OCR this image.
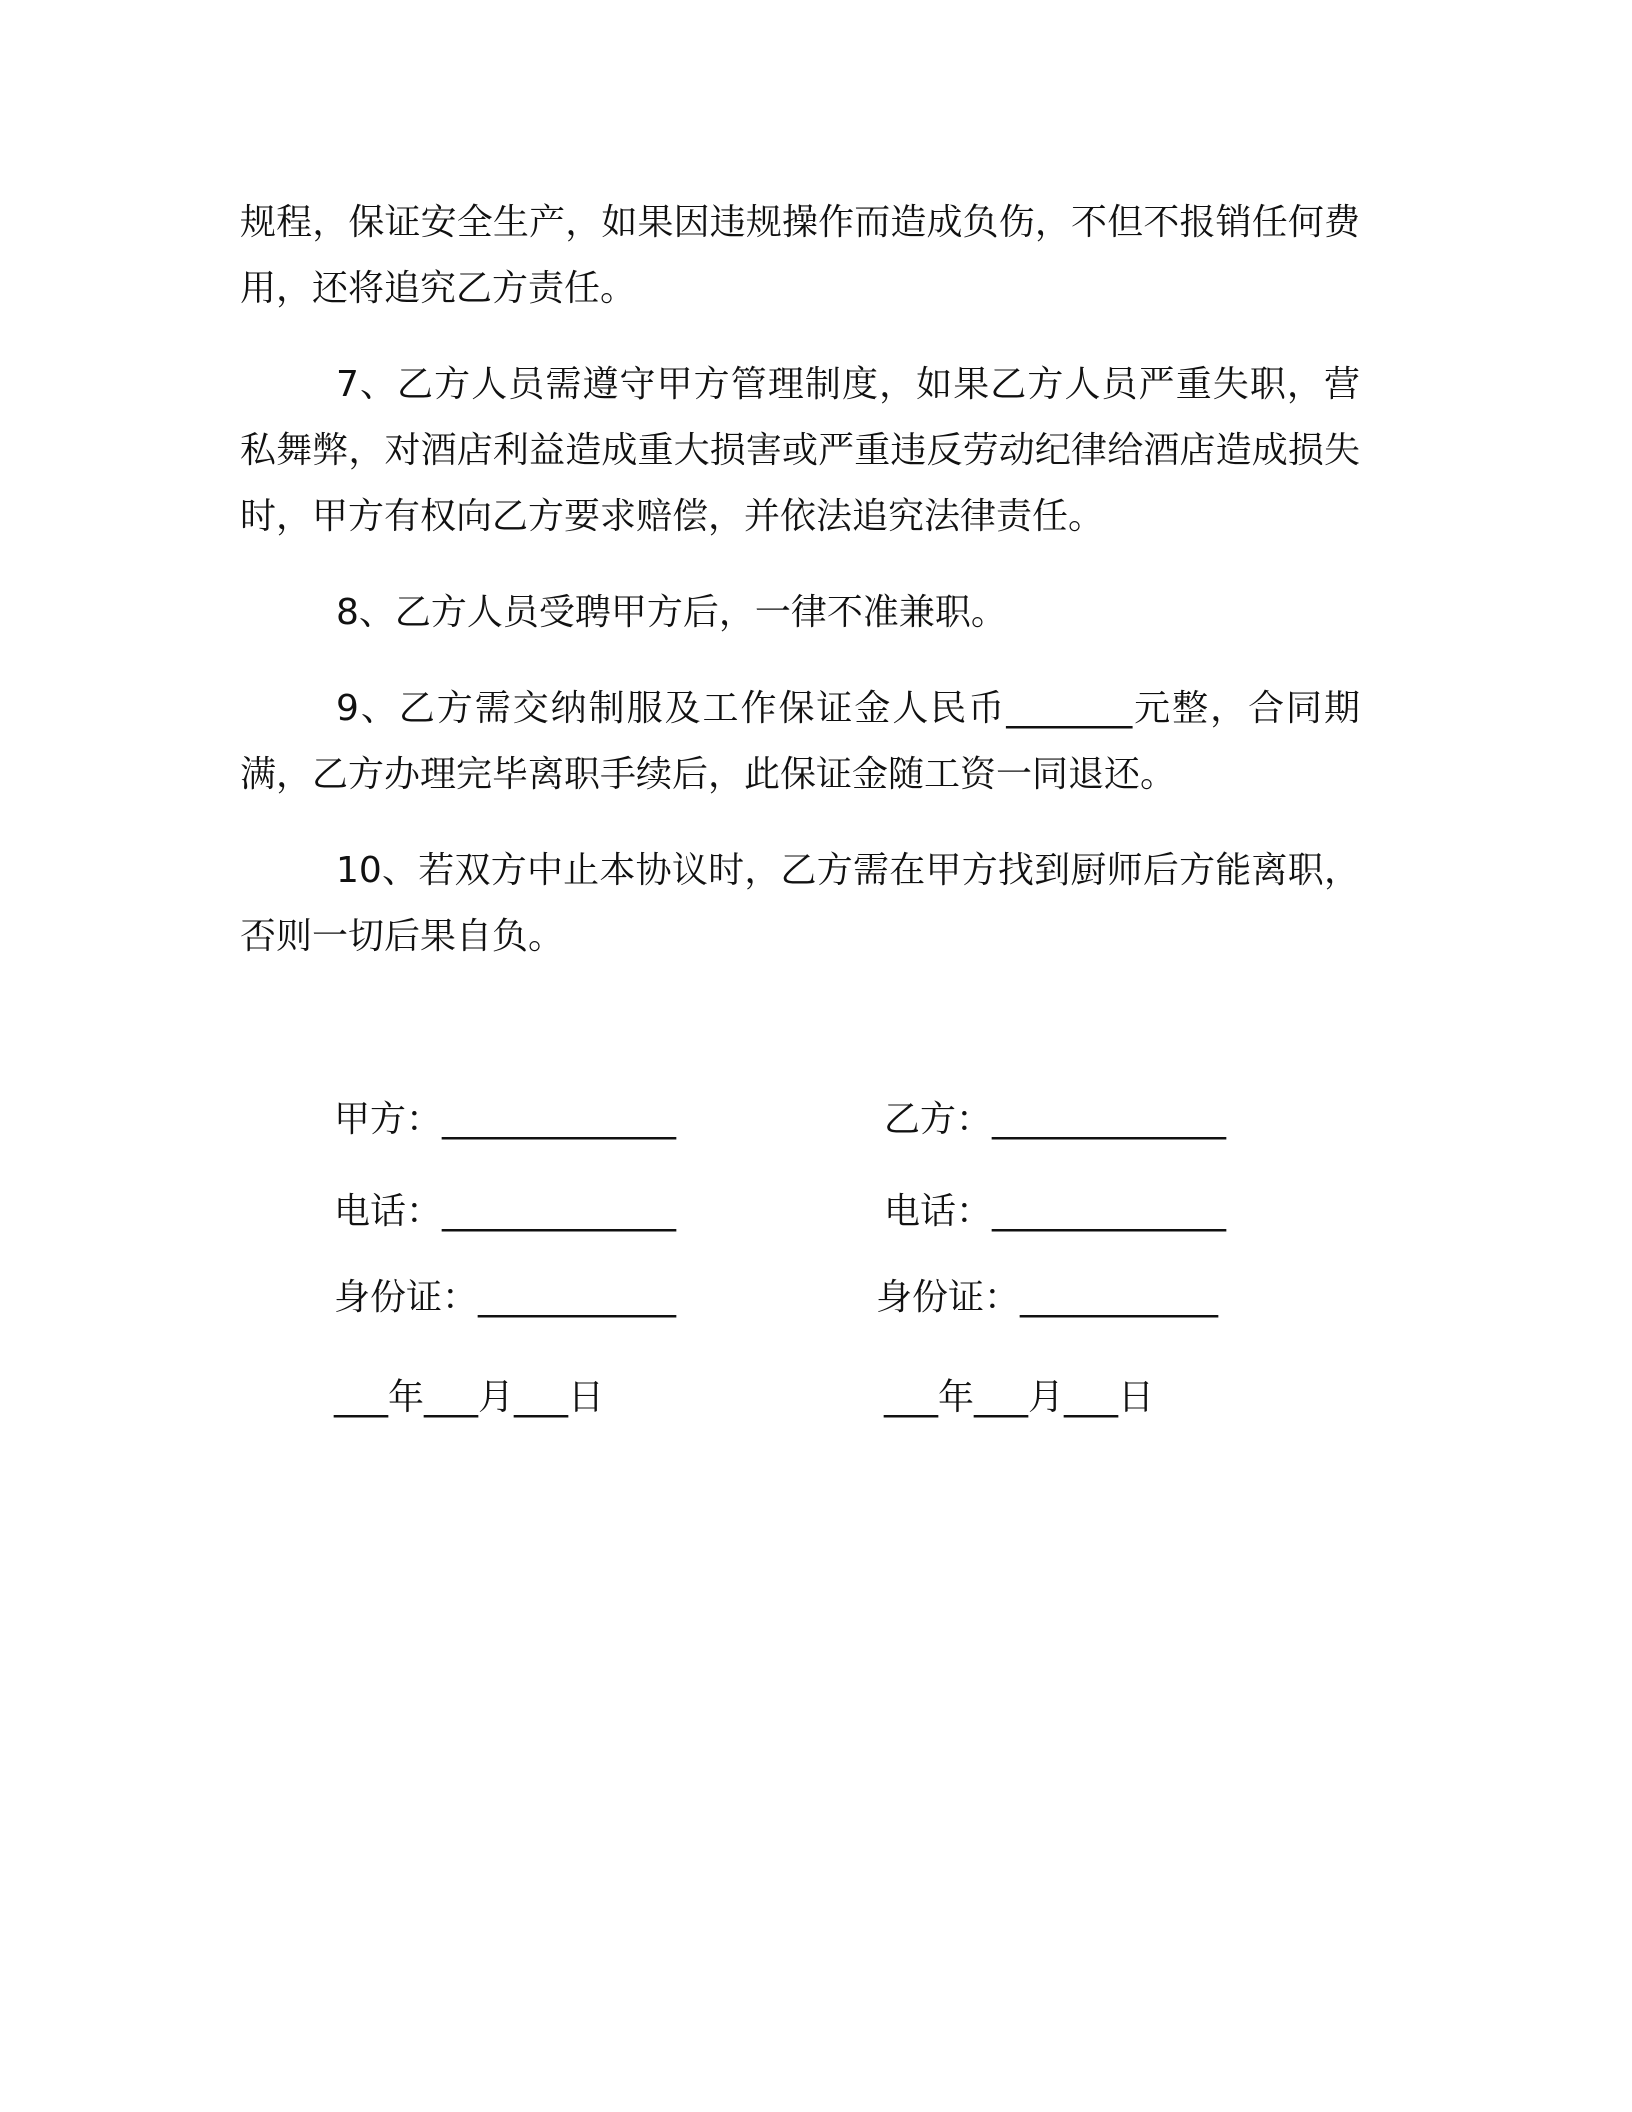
规程，保证安全生产，如果因违规操作而造成负伤，不但不报销任何费用，还将追究乙方责任。

7、乙方人员需遵守甲方管理制度，如果乙方人员严重失职，营私舞弊，对酒店利益造成重大损害或严重违反劳动纪律给酒店造成损失时，甲方有权向乙方要求赔偿，并依法追究法律责任。

8、乙方人员受聘甲方后，一律不准兼职。

9、乙方需交纳制服及工作保证金人民币_______元整，合同期满，乙方办理完毕离职手续后，此保证金随工资一同退还。

10、若双方中止本协议时，乙方需在甲方找到厨师后方能离职，否则一切后果自负。

甲方：_____________
电话：_____________
身份证：___________
___年___月___日
乙方：_____________
电话：_____________
身份证：___________
___年___月___日
